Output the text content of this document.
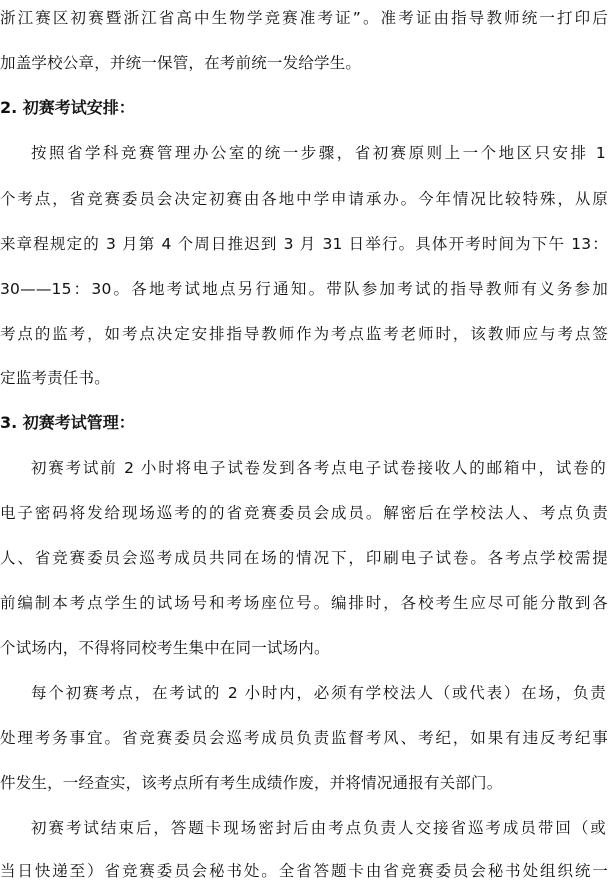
浙江赛区初赛暨浙江省高中生物学竞赛准考证”。准考证由指导教师统一打印后
加盖学校公章，并统一保管，在考前统一发给学生。
2. 初赛考试安排：
按照省学科竞赛管理办公室的统一步骤，省初赛原则上一个地区只安排 1
个考点，省竞赛委员会决定初赛由各地中学申请承办。今年情况比较特殊，从原
来章程规定的 3 月第 4 个周日推迟到 3 月 31 日举行。具体开考时间为下午 13：
30——15：30。各地考试地点另行通知。带队参加考试的指导教师有义务参加
考点的监考，如考点决定安排指导教师作为考点监考老师时，该教师应与考点签
定监考责任书。
3. 初赛考试管理：
初赛考试前 2 小时将电子试卷发到各考点电子试卷接收人的邮箱中，试卷的
电子密码将发给现场巡考的的省竞赛委员会成员。解密后在学校法人、考点负责
人、省竞赛委员会巡考成员共同在场的情况下，印刷电子试卷。各考点学校需提
前编制本考点学生的试场号和考场座位号。编排时，各校考生应尽可能分散到各
个试场内，不得将同校考生集中在同一试场内。
每个初赛考点，在考试的 2 小时内，必须有学校法人（或代表）在场，负责
处理考务事宜。省竞赛委员会巡考成员负责监督考风、考纪，如果有违反考纪事
件发生，一经查实，该考点所有考生成绩作废，并将情况通报有关部门。
初赛考试结束后，答题卡现场密封后由考点负责人交接省巡考成员带回（或
当日快递至）省竞赛委员会秘书处。全省答题卡由省竞赛委员会秘书处组织统一
